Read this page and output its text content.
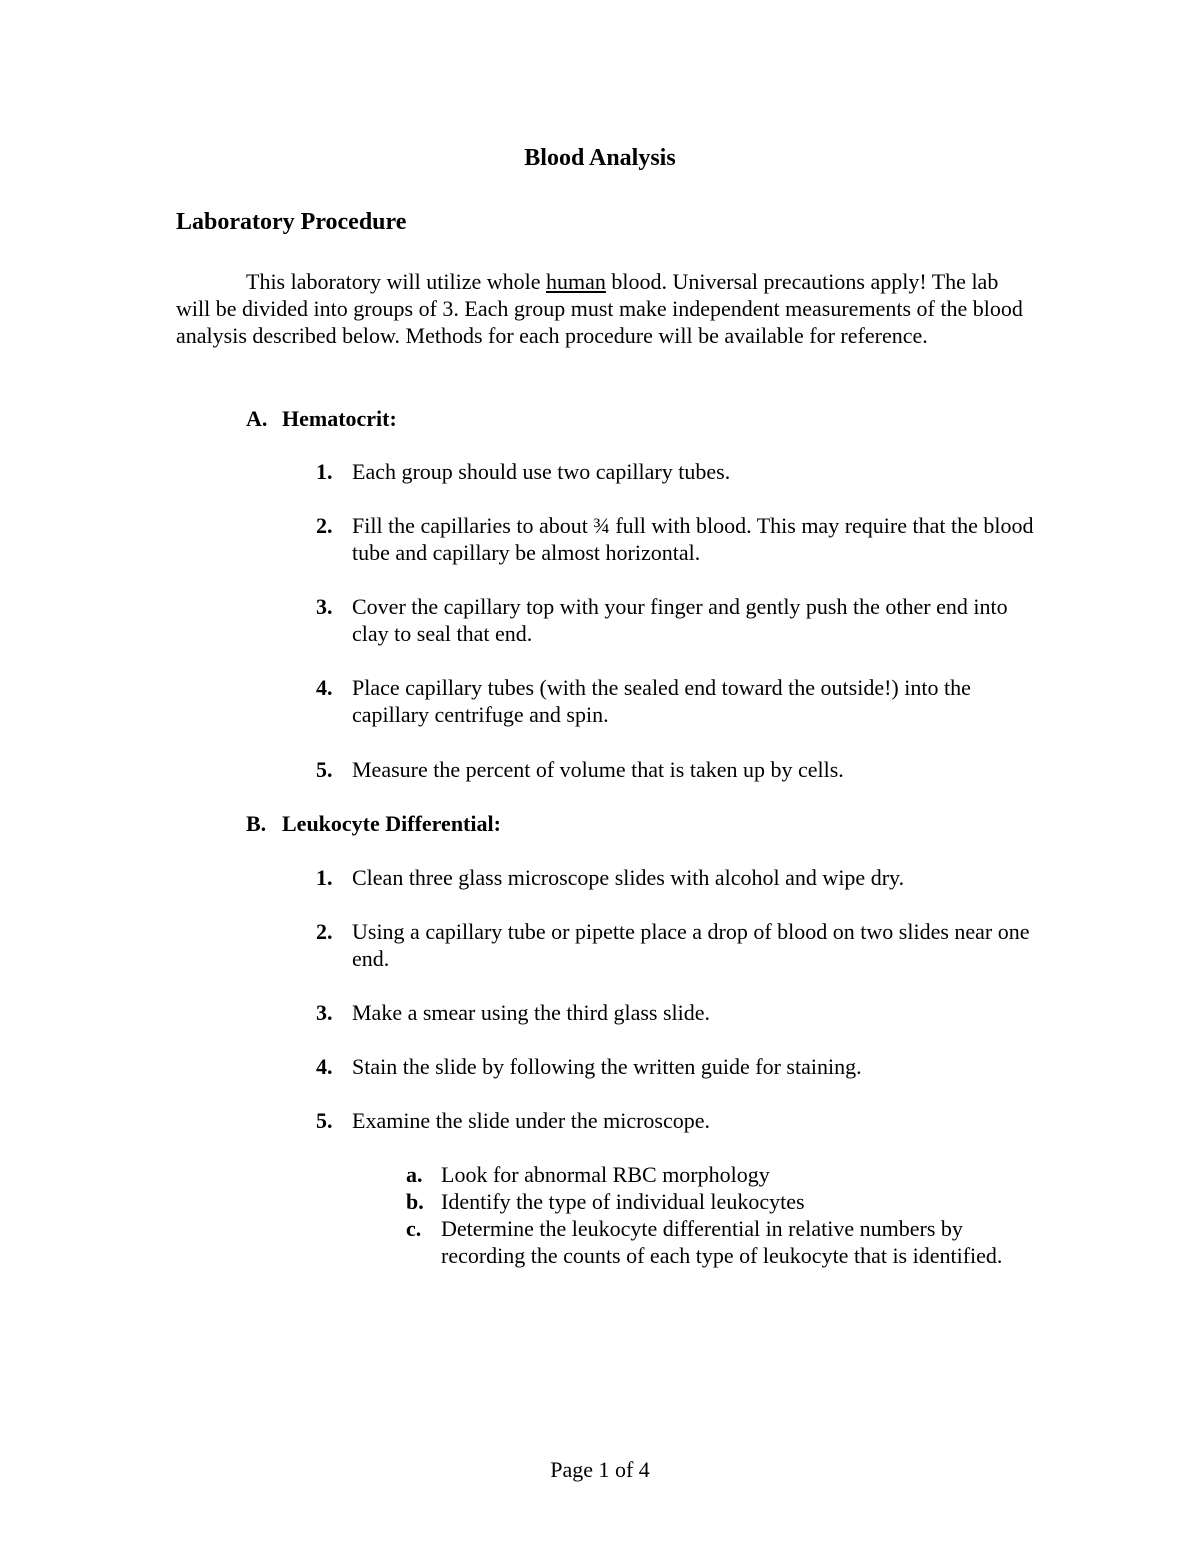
Blood Analysis
Laboratory Procedure

This laboratory will utilize whole human blood. Universal precautions apply! The lab will be divided into groups of 3. Each group must make independent measurements of the blood analysis described below. Methods for each procedure will be available for reference.

A. Hematocrit:
1. Each group should use two capillary tubes.
2. Fill the capillaries to about ¾ full with blood. This may require that the blood tube and capillary be almost horizontal.
3. Cover the capillary top with your finger and gently push the other end into clay to seal that end.
4. Place capillary tubes (with the sealed end toward the outside!) into the capillary centrifuge and spin.
5. Measure the percent of volume that is taken up by cells.
B. Leukocyte Differential:
1. Clean three glass microscope slides with alcohol and wipe dry.
2. Using a capillary tube or pipette place a drop of blood on two slides near one end.
3. Make a smear using the third glass slide.
4. Stain the slide by following the written guide for staining.
5. Examine the slide under the microscope.
a. Look for abnormal RBC morphology
b. Identify the type of individual leukocytes
c. Determine the leukocyte differential in relative numbers by recording the counts of each type of leukocyte that is identified.

Page 1 of 4
